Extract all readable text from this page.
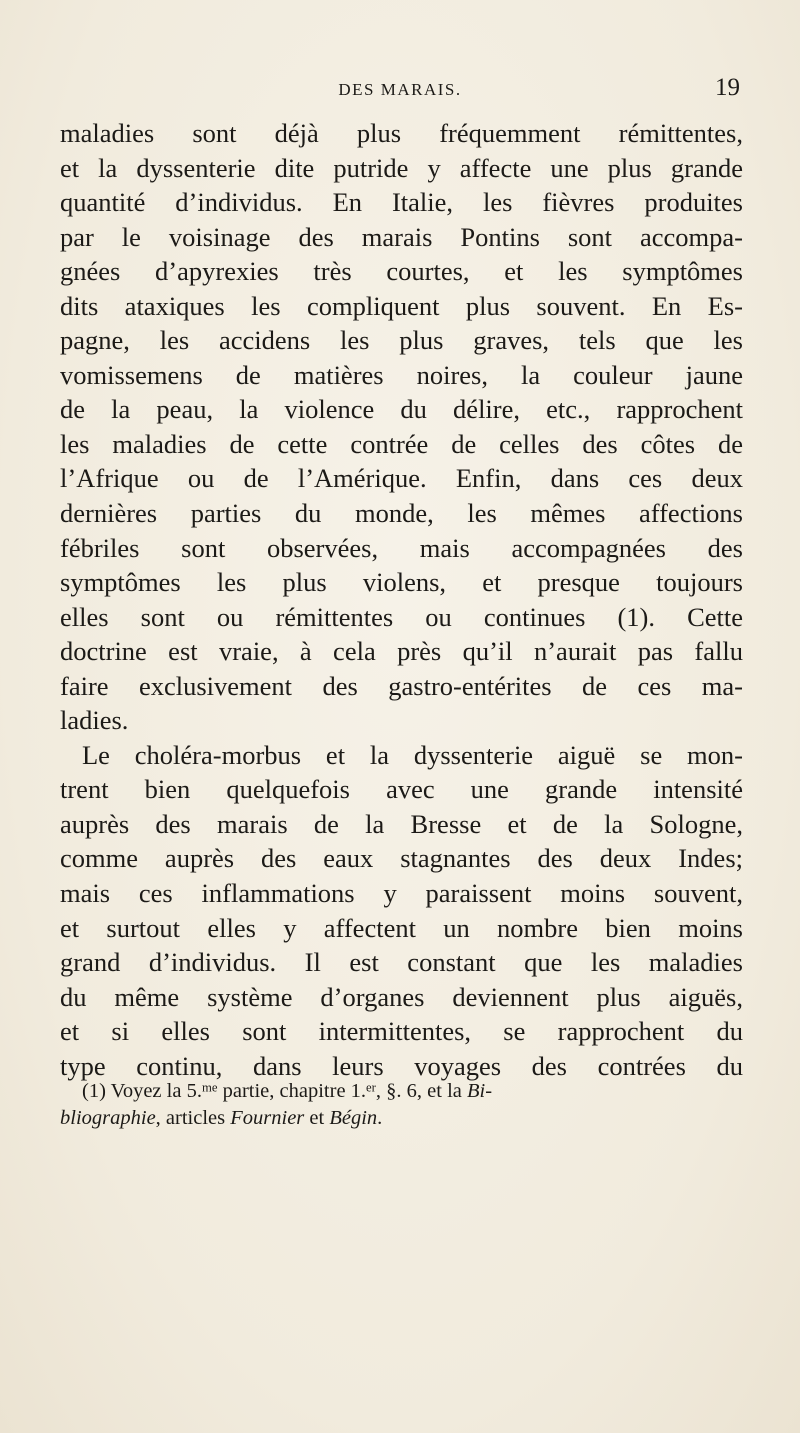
DES MARAIS.	19
maladies sont déjà plus fréquemment rémittentes,
et la dyssenterie dite putride y affecte une plus grande
quantité d’individus. En Italie, les fièvres produites
par le voisinage des marais Pontins sont accompa-
gnées d’apyrexies très courtes, et les symptômes
dits ataxiques les compliquent plus souvent. En Es-
pagne, les accidens les plus graves, tels que les
vomissemens de matières noires, la couleur jaune
de la peau, la violence du délire, etc., rapprochent
les maladies de cette contrée de celles des côtes de
l’Afrique ou de l’Amérique. Enfin, dans ces deux
dernières parties du monde, les mêmes affections
fébriles sont observées, mais accompagnées des
symptômes les plus violens, et presque toujours
elles sont ou rémittentes ou continues (1). Cette
doctrine est vraie, à cela près qu’il n’aurait pas fallu
faire exclusivement des gastro-entérites de ces ma-
ladies.
Le choléra-morbus et la dyssenterie aiguë se mon-
trent bien quelquefois avec une grande intensité
auprès des marais de la Bresse et de la Sologne,
comme auprès des eaux stagnantes des deux Indes;
mais ces inflammations y paraissent moins souvent,
et surtout elles y affectent un nombre bien moins
grand d’individus. Il est constant que les maladies
du même système d’organes deviennent plus aiguës,
et si elles sont intermittentes, se rapprochent du
type continu, dans leurs voyages des contrées du
(1) Voyez la 5.$^{me}$ partie, chapitre 1.$^{er}$, §. 6, et la Bi-
bliographie, articles Fournier et Bégin.
